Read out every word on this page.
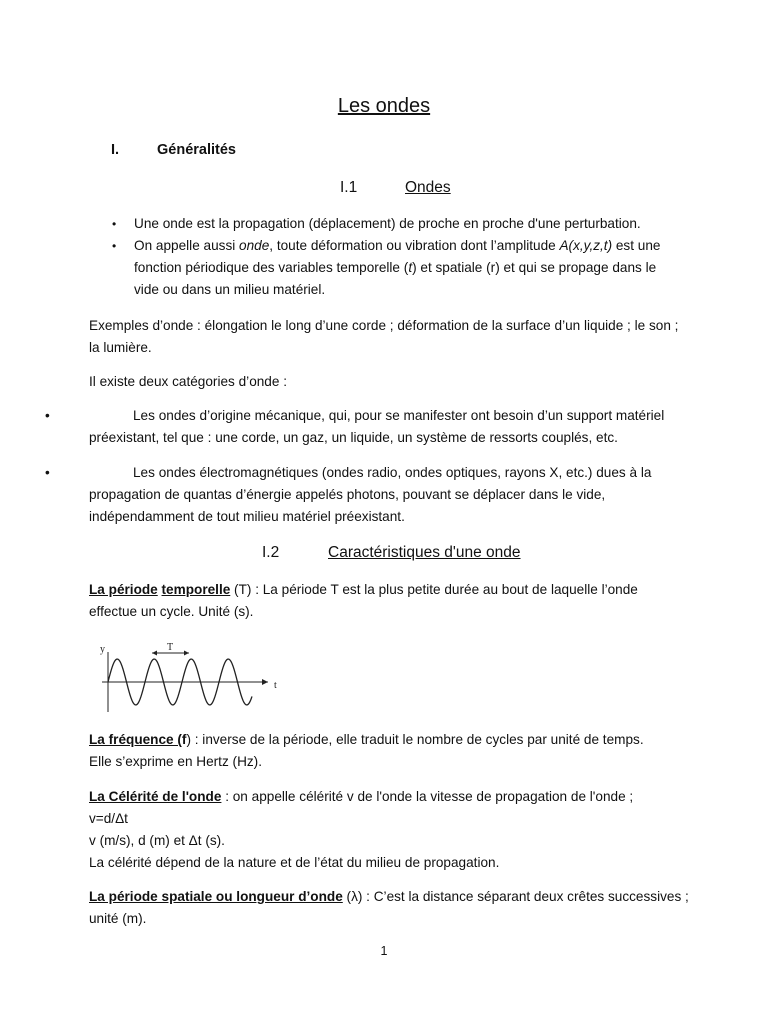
Les ondes
I.	Généralités
I.1	Ondes
• Une onde est la propagation (déplacement) de proche en proche d'une perturbation.
• On appelle aussi onde, toute déformation ou vibration dont l’amplitude A(x,y,z,t) est une fonction périodique des variables temporelle (t) et spatiale (r) et qui se propage dans le vide ou dans un milieu matériel.
Exemples d’onde : élongation le long d’une corde ; déformation de la surface d’un liquide ; le son ; la lumière.
Il existe deux catégories d’onde :
•	Les ondes d’origine mécanique, qui, pour se manifester ont besoin d’un support matériel préexistant, tel que : une corde, un gaz, un liquide, un système de ressorts couplés, etc.
•	Les ondes électromagnétiques (ondes radio, ondes optiques, rayons X, etc.) dues à la propagation de quantas d’énergie appelés photons, pouvant se déplacer dans le vide, indépendamment de tout milieu matériel préexistant.
I.2	Caractéristiques d'une onde
La période temporelle (T) : La période T est la plus petite durée au bout de laquelle l’onde effectue un cycle. Unité (s).
y
t
T
La fréquence (f) : inverse de la période, elle traduit le nombre de cycles par unité de temps.
Elle s’exprime en Hertz (Hz).
La Célérité de l'onde : on appelle célérité v de l'onde la vitesse de propagation de l'onde ;
v=d/Δt
v (m/s), d (m) et Δt (s).
La célérité dépend de la nature et de l’état du milieu de propagation.
La période spatiale ou longueur d’onde (λ) : C’est la distance séparant deux crêtes successives ; unité (m).
1
